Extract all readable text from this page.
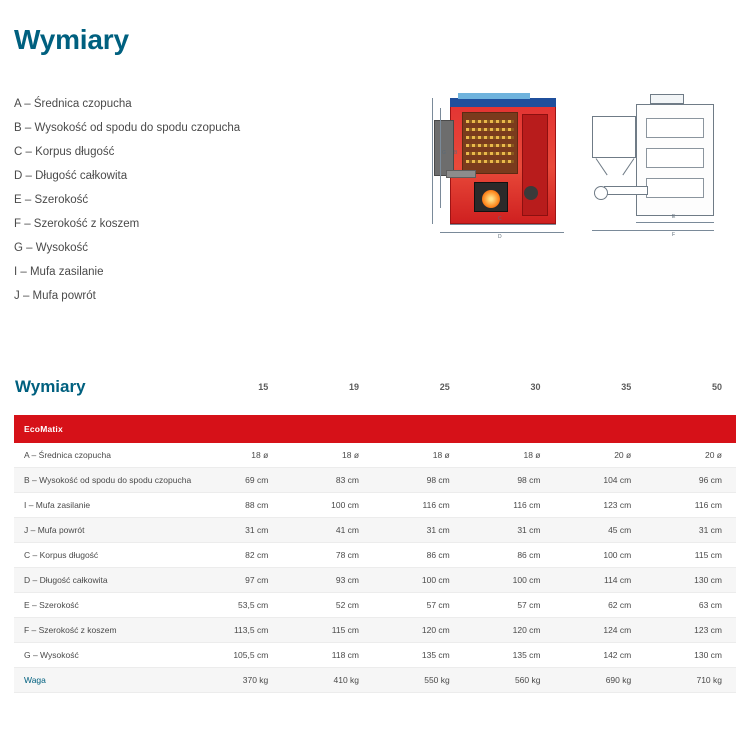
Wymiary
A – Średnica czopucha
B – Wysokość od spodu do spodu czopucha
C – Korpus długość
D – Długość całkowita
E – Szerokość
F – Szerokość z koszem
G – Wysokość
I – Mufa zasilanie
J – Mufa powrót
G B
C
D
E
F
Wymiary	15	19	25	30	35	50
EcoMatix						
A – Średnica czopucha	18 ø	18 ø	18 ø	18 ø	20 ø	20 ø
B – Wysokość od spodu do spodu czopucha	69 cm	83 cm	98 cm	98 cm	104 cm	96 cm
I – Mufa zasilanie	88 cm	100 cm	116 cm	116 cm	123 cm	116 cm
J – Mufa powrót	31 cm	41 cm	31 cm	31 cm	45 cm	31 cm
C – Korpus długość	82 cm	78 cm	86 cm	86 cm	100 cm	115 cm
D – Długość całkowita	97 cm	93 cm	100 cm	100 cm	114 cm	130 cm
E – Szerokość	53,5 cm	52 cm	57 cm	57 cm	62 cm	63 cm
F – Szerokość z koszem	113,5 cm	115 cm	120 cm	120 cm	124 cm	123 cm
G – Wysokość	105,5 cm	118 cm	135 cm	135 cm	142 cm	130 cm
Waga	370 kg	410 kg	550 kg	560 kg	690 kg	710 kg
